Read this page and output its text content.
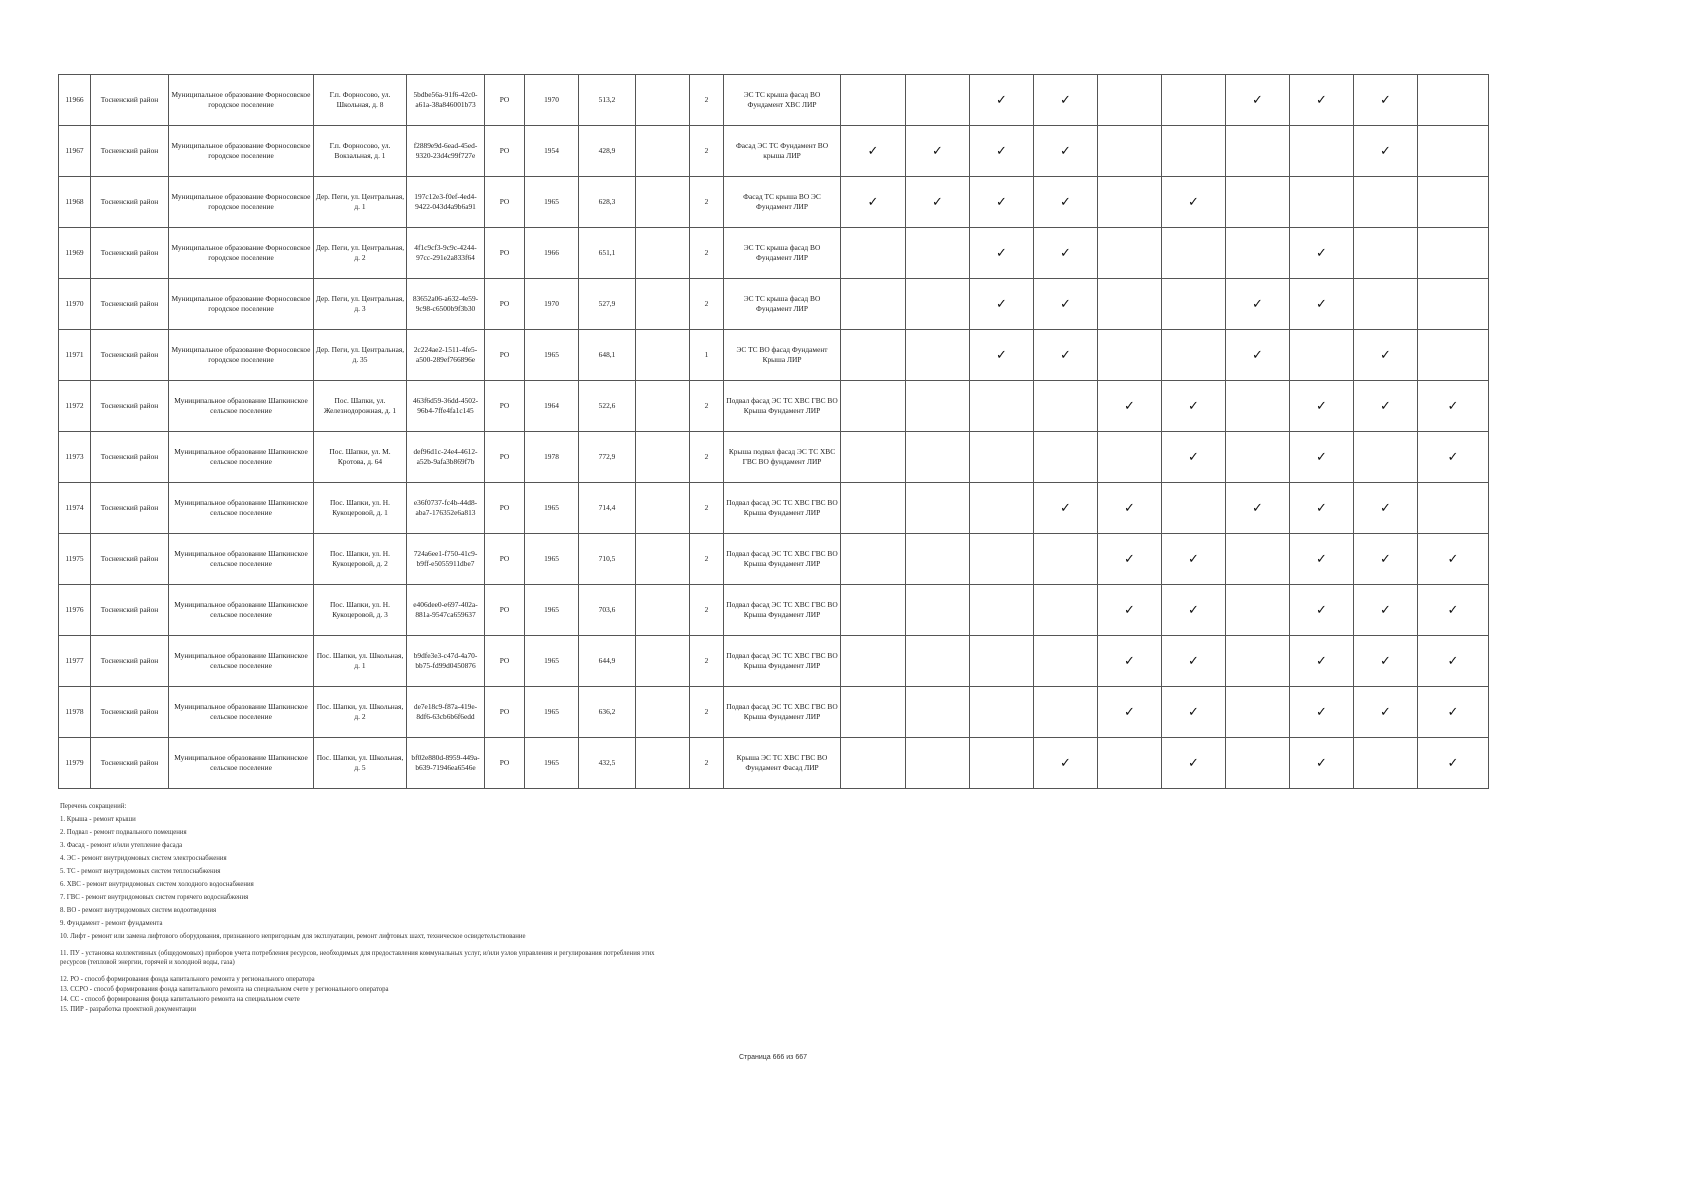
11966	Тосненский район	Муниципальное образование Форносовское городское поселение	Г.п. Форносово, ул. Школьная, д. 8	5bdbe56a-91f6-42c0-a61a-38a846001b73	РО	1970	513,2		2	ЭС ТС крыша фасад ВО Фундамент ХВС ЛИР			✓	✓			✓	✓	✓	
11967	Тосненский район	Муниципальное образование Форносовское городское поселение	Г.п. Форносово, ул. Вокзальная, д. 1	f2889e9d-6ead-45ed-9320-23d4c99f727e	РО	1954	428,9		2	Фасад ЭС ТС Фундамент ВО крыша ЛИР	✓	✓	✓	✓					✓	
11968	Тосненский район	Муниципальное образование Форносовское городское поселение	Дер. Пеги, ул. Центральная, д. 1	197c12e3-f0ef-4ed4-9422-043d4a9b6a91	РО	1965	628,3		2	Фасад ТС крыша ВО ЭС Фундамент ЛИР	✓	✓	✓	✓		✓				
11969	Тосненский район	Муниципальное образование Форносовское городское поселение	Дер. Пеги, ул. Центральная, д. 2	4f1c9cf3-9c9c-4244-97cc-291e2a833f64	РО	1966	651,1		2	ЭС ТС крыша фасад ВО Фундамент ЛИР			✓	✓				✓		
11970	Тосненский район	Муниципальное образование Форносовское городское поселение	Дер. Пеги, ул. Центральная, д. 3	83652a06-a632-4e59-9c98-c6500b9f3b30	РО	1970	527,9		2	ЭС ТС крыша фасад ВО Фундамент ЛИР			✓	✓			✓	✓		
11971	Тосненский район	Муниципальное образование Форносовское городское поселение	Дер. Пеги, ул. Центральная, д. 35	2c224ae2-1511-4fe5-a500-289ef766896e	РО	1965	648,1		1	ЭС ТС ВО фасад Фундамент Крыша ЛИР			✓	✓			✓		✓	
11972	Тосненский район	Муниципальное образование Шапкинское сельское поселение	Пос. Шапки, ул. Железнодорожная, д. 1	463f6d59-36dd-4502-96b4-7ffe4fa1c145	РО	1964	522,6		2	Подвал фасад ЭС ТС ХВС ГВС ВО Крыша Фундамент ЛИР					✓	✓		✓	✓	✓
11973	Тосненский район	Муниципальное образование Шапкинское сельское поселение	Пос. Шапки, ул. М. Кротова, д. 64	def96d1c-24e4-4612-a52b-9afa3b869f7b	РО	1978	772,9		2	Крыша подвал фасад ЭС ТС ХВС ГВС ВО фундамент ЛИР						✓		✓		✓
11974	Тосненский район	Муниципальное образование Шапкинское сельское поселение	Пос. Шапки, ул. Н. Кукоцеровой, д. 1	e36f0737-fc4b-44d8-aba7-176352e6a813	РО	1965	714,4		2	Подвал фасад ЭС ТС ХВС ГВС ВО Крыша Фундамент ЛИР				✓	✓		✓	✓	✓	
11975	Тосненский район	Муниципальное образование Шапкинское сельское поселение	Пос. Шапки, ул. Н. Кукоцеровой, д. 2	724a6ee1-f750-41c9-b9ff-e5055911dbe7	РО	1965	710,5		2	Подвал фасад ЭС ТС ХВС ГВС ВО Крыша Фундамент ЛИР					✓	✓		✓	✓	✓
11976	Тосненский район	Муниципальное образование Шапкинское сельское поселение	Пос. Шапки, ул. Н. Кукоцеровой, д. 3	e406dee0-e697-402a-881a-9547ca659637	РО	1965	703,6		2	Подвал фасад ЭС ТС ХВС ГВС ВО Крыша Фундамент ЛИР					✓	✓		✓	✓	✓
11977	Тосненский район	Муниципальное образование Шапкинское сельское поселение	Пос. Шапки, ул. Школьная, д. 1	b9dfe3e3-c47d-4a70-bb75-fd99d0450876	РО	1965	644,9		2	Подвал фасад ЭС ТС ХВС ГВС ВО Крыша Фундамент ЛИР					✓	✓		✓	✓	✓
11978	Тосненский район	Муниципальное образование Шапкинское сельское поселение	Пос. Шапки, ул. Школьная, д. 2	de7e18c9-f87a-419e-8df6-63cb6b6f6edd	РО	1965	636,2		2	Подвал фасад ЭС ТС ХВС ГВС ВО Крыша Фундамент ЛИР					✓	✓		✓	✓	✓
11979	Тосненский район	Муниципальное образование Шапкинское сельское поселение	Пос. Шапки, ул. Школьная, д. 5	bf02e880d-8959-449a-b639-71946ea6546e	РО	1965	432,5		2	Крыша ЭС ТС ХВС ГВС ВО Фундамент Фасад ЛИР				✓		✓		✓		✓
Перечень сокращений:
1. Крыша - ремонт крыши
2. Подвал - ремонт подвального помещения
3. Фасад - ремонт и/или утепление фасада
4. ЭС - ремонт внутридомовых систем электроснабжения
5. ТС - ремонт внутридомовых систем теплоснабжения
6. ХВС - ремонт внутридомовых систем холодного водоснабжения
7. ГВС - ремонт внутридомовых систем горячего водоснабжения
8. ВО - ремонт внутридомовых систем водоотведения
9. Фундамент - ремонт фундамента
10. Лифт - ремонт или замена лифтового оборудования, признанного непригодным для эксплуатации, ремонт лифтовых шахт, техническое освидетельствование
11. ПУ - установка коллективных (общедомовых) приборов учета потребления ресурсов, необходимых для предоставления коммунальных услуг, и/или узлов управления и регулирования потребления этих ресурсов (тепловой энергии, горячей и холодной воды, газа)
12. РО - способ формирования фонда капитального ремонта у регионального оператора
13. ССРО - способ формирования фонда капитального ремонта на специальном счете у регионального оператора
14. СС - способ формирования фонда капитального ремонта на специальном счете
15. ПИР - разработка проектной документации
Страница 666 из 667
